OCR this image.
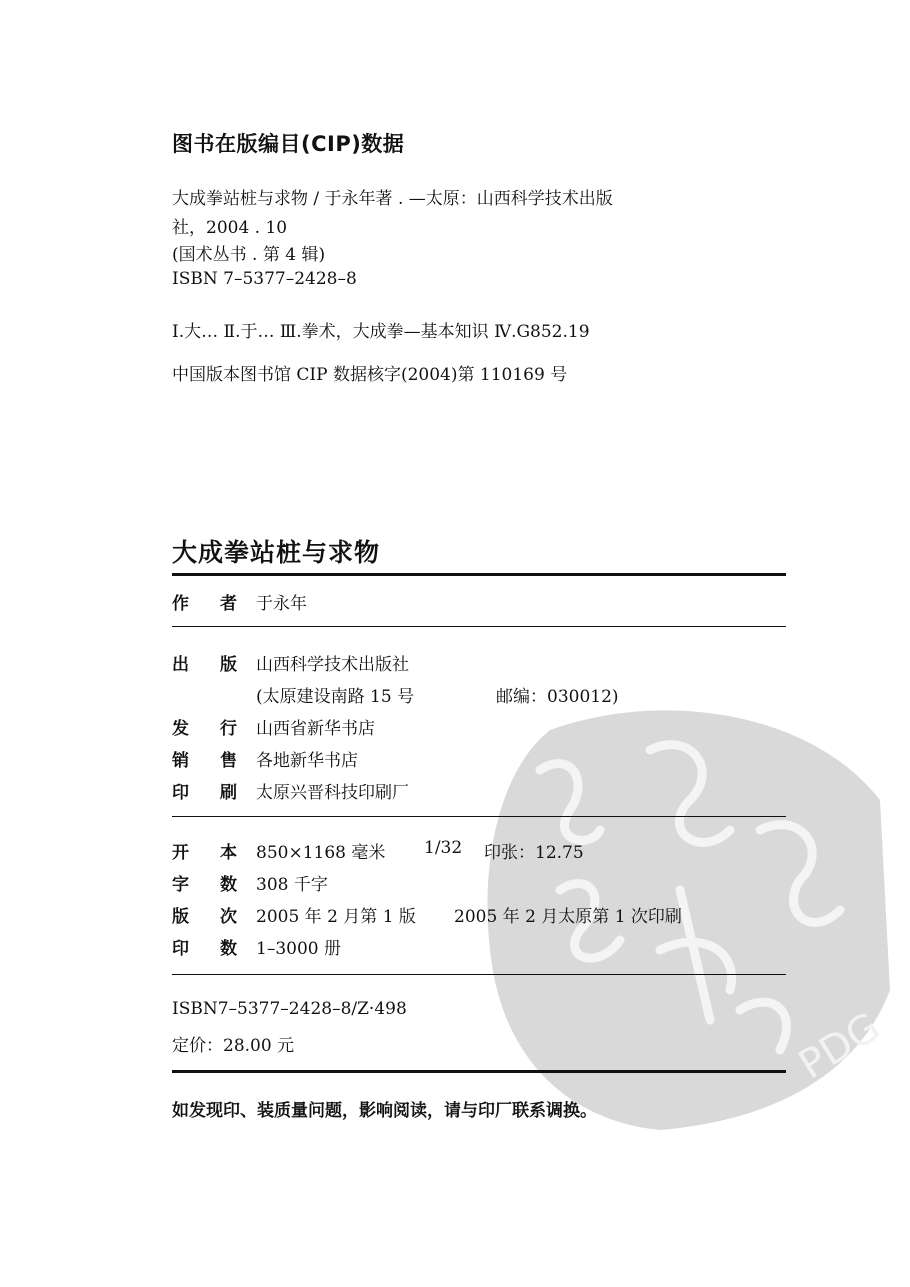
PDG
图书在版编目(CIP)数据
大成拳站桩与求物 / 于永年著 . —太原：山西科学技术出版
社，2004 . 10
(国术丛书 . 第 4 辑)
ISBN 7–5377–2428–8
Ⅰ.大… Ⅱ.于… Ⅲ.拳术，大成拳—基本知识 Ⅳ.G852.19
中国版本图书馆 CIP 数据核字(2004)第 110169 号
大成拳站桩与求物
作 者 于永年
出 版 山西科学技术出版社
(太原建设南路 15 号	邮编：030012)
发 行 山西省新华书店
销 售 各地新华书店
印 刷 太原兴晋科技印刷厂
开 本 850×1168 毫米 1/32 印张：12.75
字 数 308 千字
版 次 2005 年 2 月第 1 版 2005 年 2 月太原第 1 次印刷
印 数 1–3000 册
ISBN7–5377–2428–8/Z·498
定价：28.00 元
如发现印、装质量问题，影响阅读，请与印厂联系调换。
